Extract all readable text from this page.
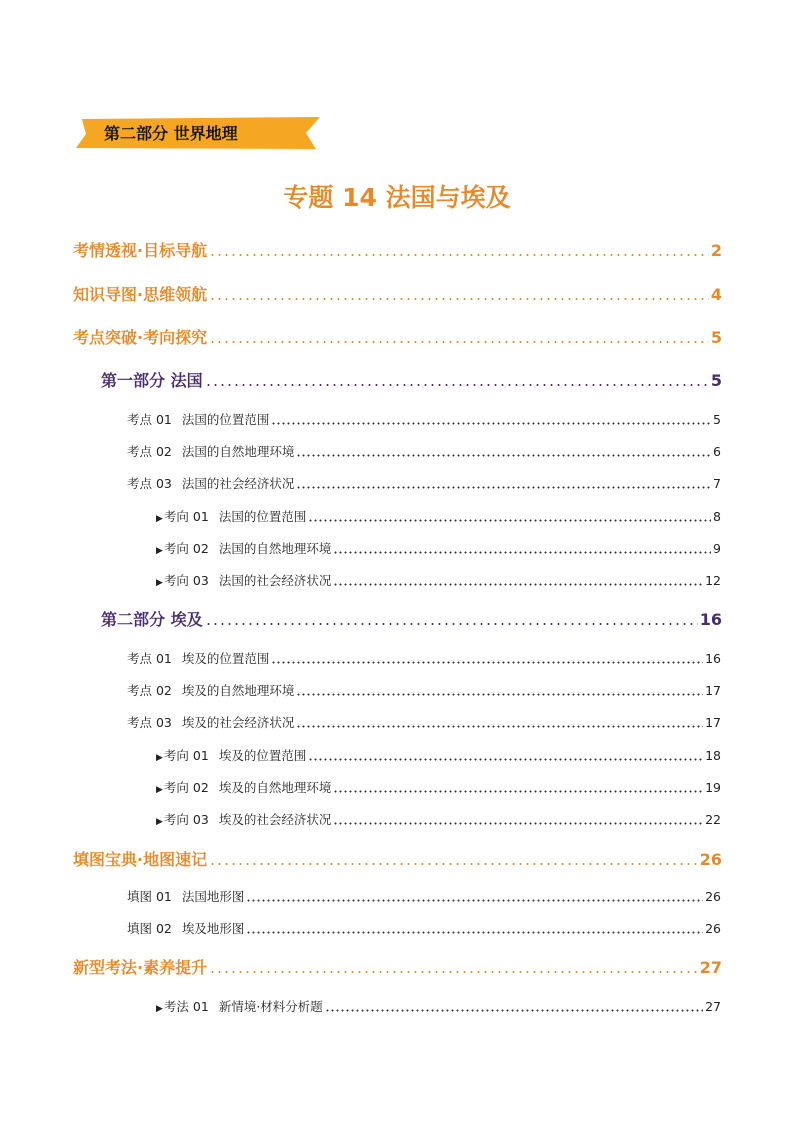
第二部分 世界地理
专题 14 法国与埃及
考情透视·目标导航	2
知识导图·思维领航	4
考点突破·考向探究	5
第一部分 法国	5
考点 01 法国的位置范围	5
考点 02 法国的自然地理环境	6
考点 03 法国的社会经济状况	7
▶考向 01 法国的位置范围	8
▶考向 02 法国的自然地理环境	9
▶考向 03 法国的社会经济状况	12
第二部分 埃及	16
考点 01 埃及的位置范围	16
考点 02 埃及的自然地理环境	17
考点 03 埃及的社会经济状况	17
▶考向 01 埃及的位置范围	18
▶考向 02 埃及的自然地理环境	19
▶考向 03 埃及的社会经济状况	22
填图宝典·地图速记	26
填图 01 法国地形图	26
填图 02 埃及地形图	26
新型考法·素养提升	27
▶考法 01 新情境·材料分析题	27
